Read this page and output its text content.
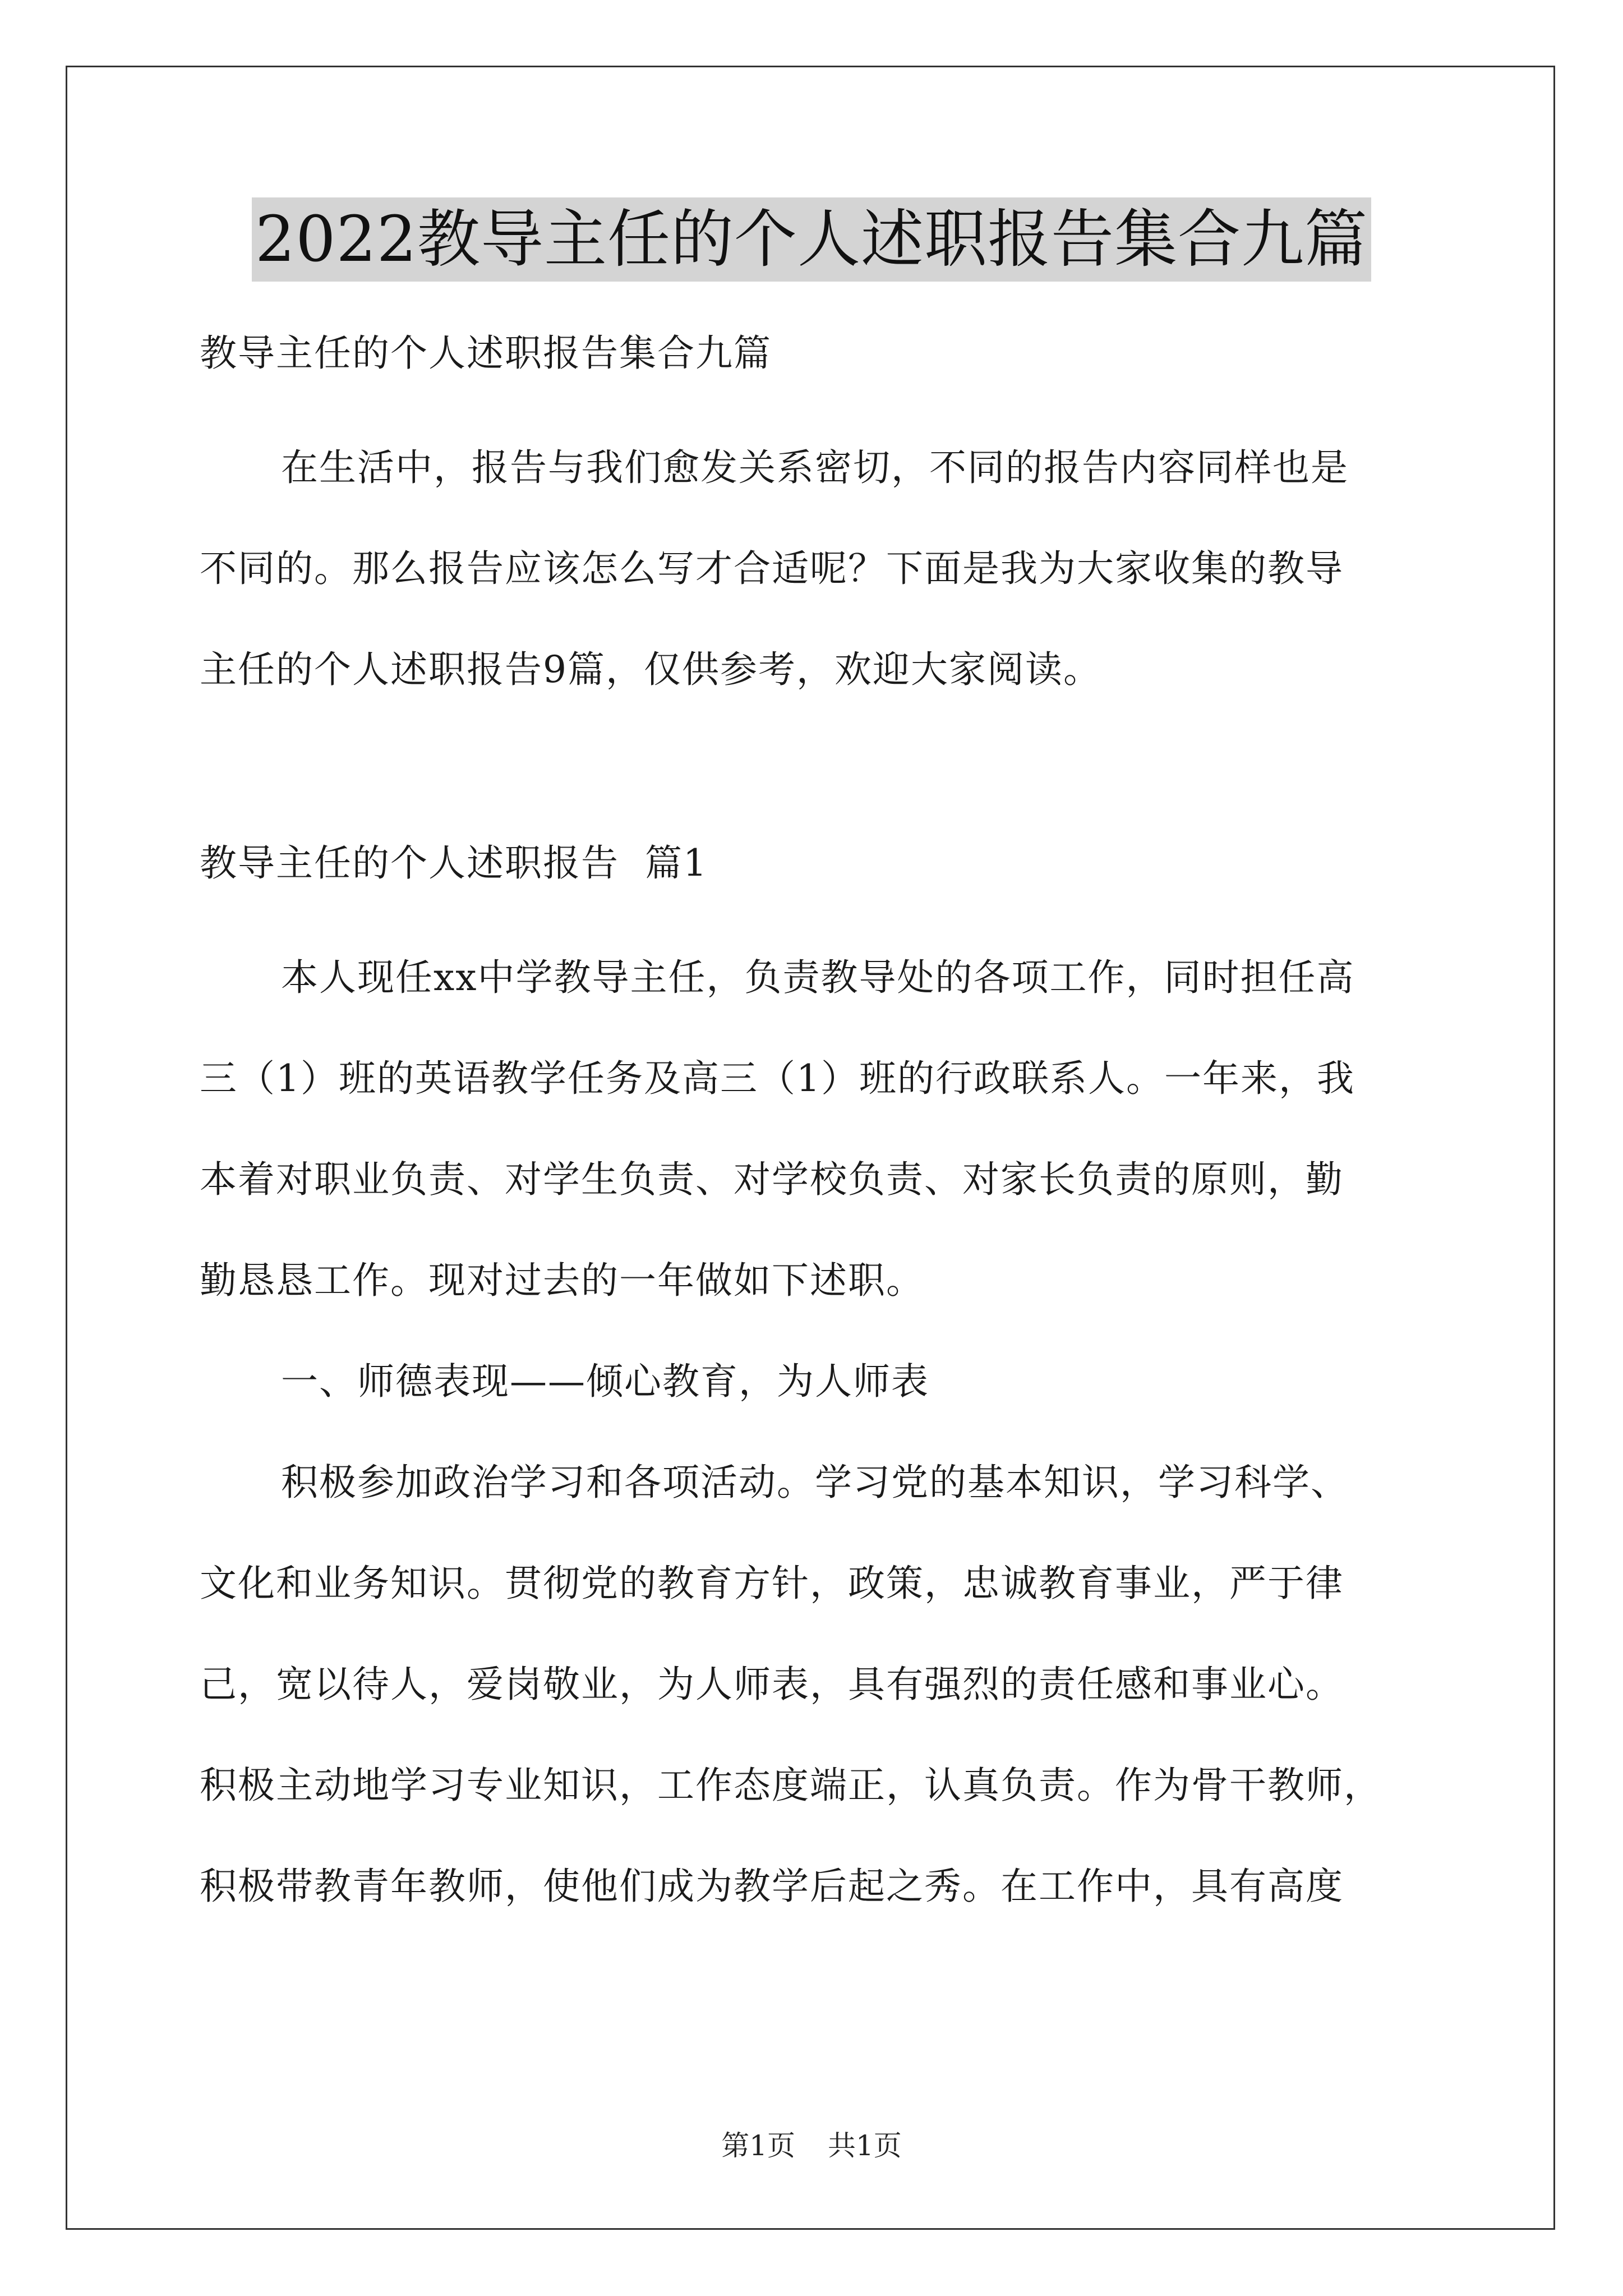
2022教导主任的个人述职报告集合九篇

教导主任的个人述职报告集合九篇

在生活中，报告与我们愈发关系密切，不同的报告内容同样也是

不同的。那么报告应该怎么写才合适呢？下面是我为大家收集的教导

主任的个人述职报告9篇，仅供参考，欢迎大家阅读。

教导主任的个人述职报告  篇1

本人现任xx中学教导主任，负责教导处的各项工作，同时担任高

三（1）班的英语教学任务及高三（1）班的行政联系人。一年来，我

本着对职业负责、对学生负责、对学校负责、对家长负责的原则，勤

勤恳恳工作。现对过去的一年做如下述职。

一、师德表现——倾心教育，为人师表

积极参加政治学习和各项活动。学习党的基本知识，学习科学、

文化和业务知识。贯彻党的教育方针，政策，忠诚教育事业，严于律

己，宽以待人，爱岗敬业，为人师表，具有强烈的责任感和事业心。

积极主动地学习专业知识，工作态度端正，认真负责。作为骨干教师，

积极带教青年教师，使他们成为教学后起之秀。在工作中，具有高度

第1页 共1页
